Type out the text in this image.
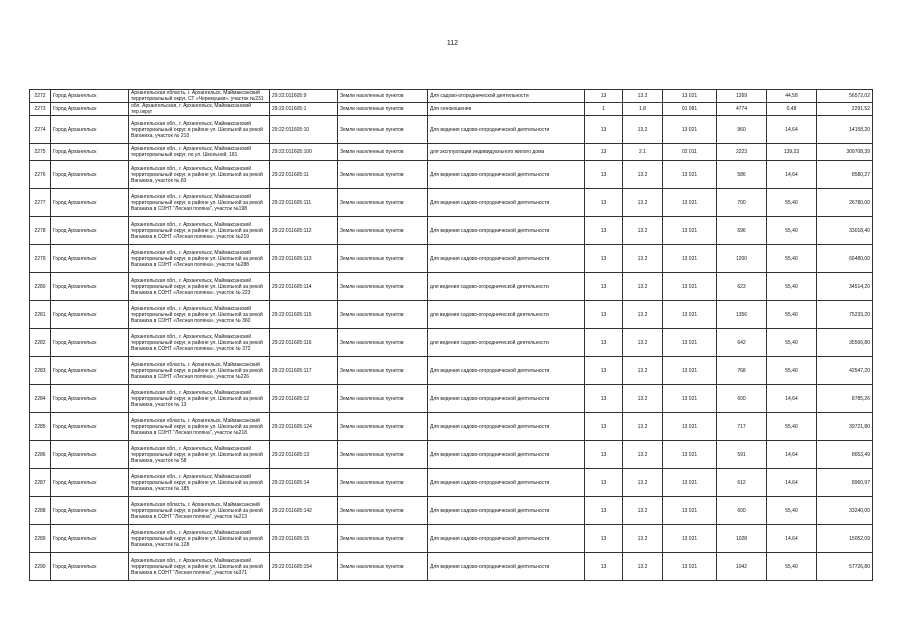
112
2272	Город Архангельск	Архангельская область, г. Архангельск, Маймаксанский территориальный округ, СТ «Черемушки», участок №231	29:22:011605:9	Земли населенных пунктов	Для садово-огороднической деятельности	13	13.2	13 021	1269	44,58	56572,02
2273	Город Архангельск	обл. Архангельская, г. Архангельск, Маймаксанский тер.округ	29:22:011605:1	Земли населенных пунктов	Для сенокошения	1	1.8	01 081	4774	0,48	2291,52
2274	Город Архангельск	Архангельская обл., г. Архангельск, Маймаксанский территориальный округ, в районе ул. Школьной за рекой Ваганиха, участок № 210	29:22:011605:10	Земли населенных пунктов	Для ведения садово-огороднической деятельности	13	13.2	13 021	960	14,64	14158,20
2275	Город Архангельск	Архангельская обл., г. Архангельск, Маймаксанский территориальный округ, по ул. Школьной, 181	29:22:011605:100	Земли населенных пунктов	для эксплуатации индивидуального жилого дома	13	2.1	02 011	2223	139,23	309708,39
2276	Город Архангельск	Архангельская обл., г. Архангельск, Маймаксанский территориальный округ, в районе ул. Школьной за рекой Ваганиха, участок № 83	29:22:011605:11	Земли населенных пунктов	Для ведения садово-огороднической деятельности	13	13.2	13 021	586	14,64	8580,27
2277	Город Архангельск	Архангельская обл., г. Архангельск, Маймаксанский территориальный округ, в районе ул. Школьной за рекой Ваганиха в СОНТ "Лесная поляна", участок №198	29:22:011605:111	Земли населенных пунктов	Для ведения садово-огороднической деятельности	13	13.2	13 021	700	55,40	26780,00
2278	Город Архангельск	Архангельская обл., г. Архангельск, Маймаксанский территориальный округ, в районе ул. Школьной за рекой Ваганиха в СОНТ «Лесная поляна», участок №219	29:22:011605:112	Земли населенных пунктов	Для ведения садово-огороднической деятельности	13	13.2	13 021	596	55,40	33018,40
2279	Город Архангельск	Архангельская обл., г. Архангельск, Маймаксанский территориальный округ, в районе ул. Школьной за рекой Ваганиха в СОНТ «Лесная поляна», участок №288	29:22:011605:113	Земли населенных пунктов	Для ведения садово-огороднической деятельности	13	13.2	13 021	1200	55,40	66480,00
2280	Город Архангельск	Архангельская обл., г. Архангельск, Маймаксанский территориальный округ, в районе ул. Школьной за рекой Ваганиха в СОНТ «Лесная поляна», участок № 223	29:22:011605:114	Земли населенных пунктов	для ведения садово-огороднической деятельности	13	13.2	13 021	623	55,40	34514,20
2281	Город Архангельск	Архангельская обл., г. Архангельск, Маймаксанский территориальный округ, в районе ул. Школьной за рекой Ваганиха в СОНТ «Лесная поляна», участок № 360	29:22:011605:115	Земли населенных пунктов	для ведения садово-огороднической деятельности	13	13.2	13 021	1356	55,40	75233,20
2282	Город Архангельск	Архангельская обл., г. Архангельск, Маймаксанский территориальный округ, в районе ул. Школьной за рекой Ваганиха в СОНТ «Лесная поляна», участок № 372	29:22:011605:116	Земли населенных пунктов	для ведения садово-огороднической деятельности	13	13.2	13 021	642	55,40	35566,80
2283	Город Архангельск	Архангельская область, г. Архангельск, Маймаксанский территориальный округ, в районе ул. Школьной за рекой Ваганиха в СОНТ «Лесная поляна», участок №226	29:22:011605:117	Земли населенных пунктов	Для ведения садово-огороднической деятельности	13	13.2	13 021	768	55,40	42547,20
2284	Город Архангельск	Архангельская обл., г. Архангельск, Маймаксанский территориальный округ, в районе ул. Школьной за рекой Ваганиха, участок № 13	29:22:011605:12	Земли населенных пунктов	Для ведения садово-огороднической деятельности	13	13.2	13 021	600	14,64	8785,26
2285	Город Архангельск	Архангельская область, г. Архангельск, Маймаксанский территориальный округ, в районе ул. Школьной за рекой Ваганиха в СОНТ "Лесная поляна", участок №218	29:22:011605:124	Земли населенных пунктов	Для ведения садово-огороднической деятельности	13	13.2	13 021	717	55,40	39721,80
2286	Город Архангельск	Архангельская обл., г. Архангельск, Маймаксанский территориальный округ, в районе ул. Школьной за рекой Ваганиха, участок № 58	29:22:011605:13	Земли населенных пунктов	Для ведения садово-огороднической деятельности	13	13.2	13 021	591	14,64	8653,49
2287	Город Архангельск	Архангельская обл., г. Архангельск, Маймаксанский территориальный округ, в районе ул. Школьной за рекой Ваганиха, участок № 185	29:22:011605:14	Земли населенных пунктов	Для ведения садово-огороднической деятельности	13	13.2	13 021	612	14,64	8960,97
2288	Город Архангельск	Архангельская область, г. Архангельск, Маймаксанский территориальный округ, в районе ул. Школьной за рекой Ваганиха в СОНТ "Лесная поляна", участок №213	29:22:011605:142	Земли населенных пунктов	Для ведения садово-огороднической деятельности	13	13.2	13 021	600	55,40	33240,00
2289	Город Архангельск	Архангельская обл., г. Архангельск, Маймаксанский территориальный округ, в районе ул. Школьной за рекой Ваганиха, участок № 128	29:22:011605:15	Земли населенных пунктов	Для ведения садово-огороднической деятельности	13	13.2	13 021	1028	14,64	15052,09
2290	Город Архангельск	Архангельская обл., г. Архангельск, Маймаксанский территориальный округ, в районе ул. Школьной за рекой Ваганиха в СОНТ "Лесная поляна", участок №371	29:22:011605:154	Земли населенных пунктов	Для ведения садово-огороднической деятельности	13	13.2	13 021	1042	55,40	57726,80
